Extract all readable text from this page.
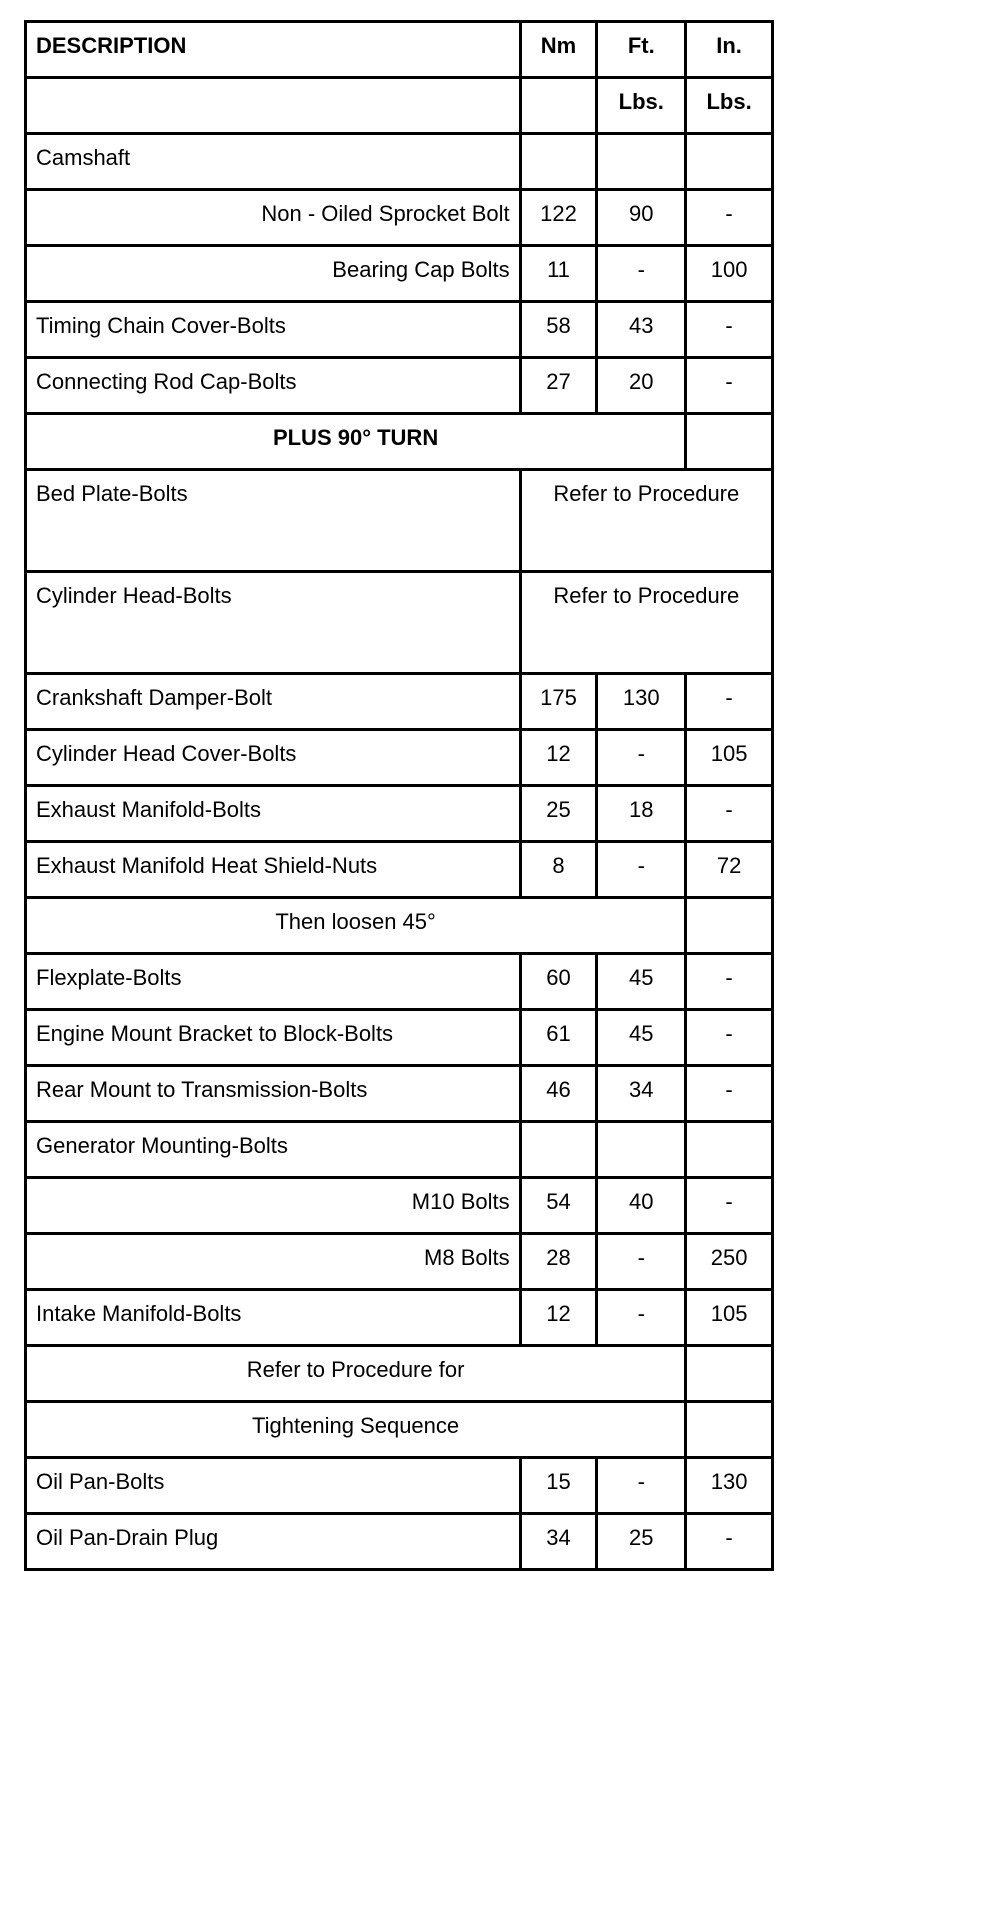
DESCRIPTION	Nm	Ft.	In.
		Lbs.	Lbs.
Camshaft			
Non - Oiled Sprocket Bolt	122	90	-
Bearing Cap Bolts	11	-	100
Timing Chain Cover-Bolts	58	43	-
Connecting Rod Cap-Bolts	27	20	-
PLUS 90° TURN			
Bed Plate-Bolts	Refer to Procedure		
Cylinder Head-Bolts	Refer to Procedure		
Crankshaft Damper-Bolt	175	130	-
Cylinder Head Cover-Bolts	12	-	105
Exhaust Manifold-Bolts	25	18	-
Exhaust Manifold Heat Shield-Nuts	8	-	72
Then loosen 45°			
Flexplate-Bolts	60	45	-
Engine Mount Bracket to Block-Bolts	61	45	-
Rear Mount to Transmission-Bolts	46	34	-
Generator Mounting-Bolts			
M10 Bolts	54	40	-
M8 Bolts	28	-	250
Intake Manifold-Bolts	12	-	105
Refer to Procedure for			
Tightening Sequence			
Oil Pan-Bolts	15	-	130
Oil Pan-Drain Plug	34	25	-
